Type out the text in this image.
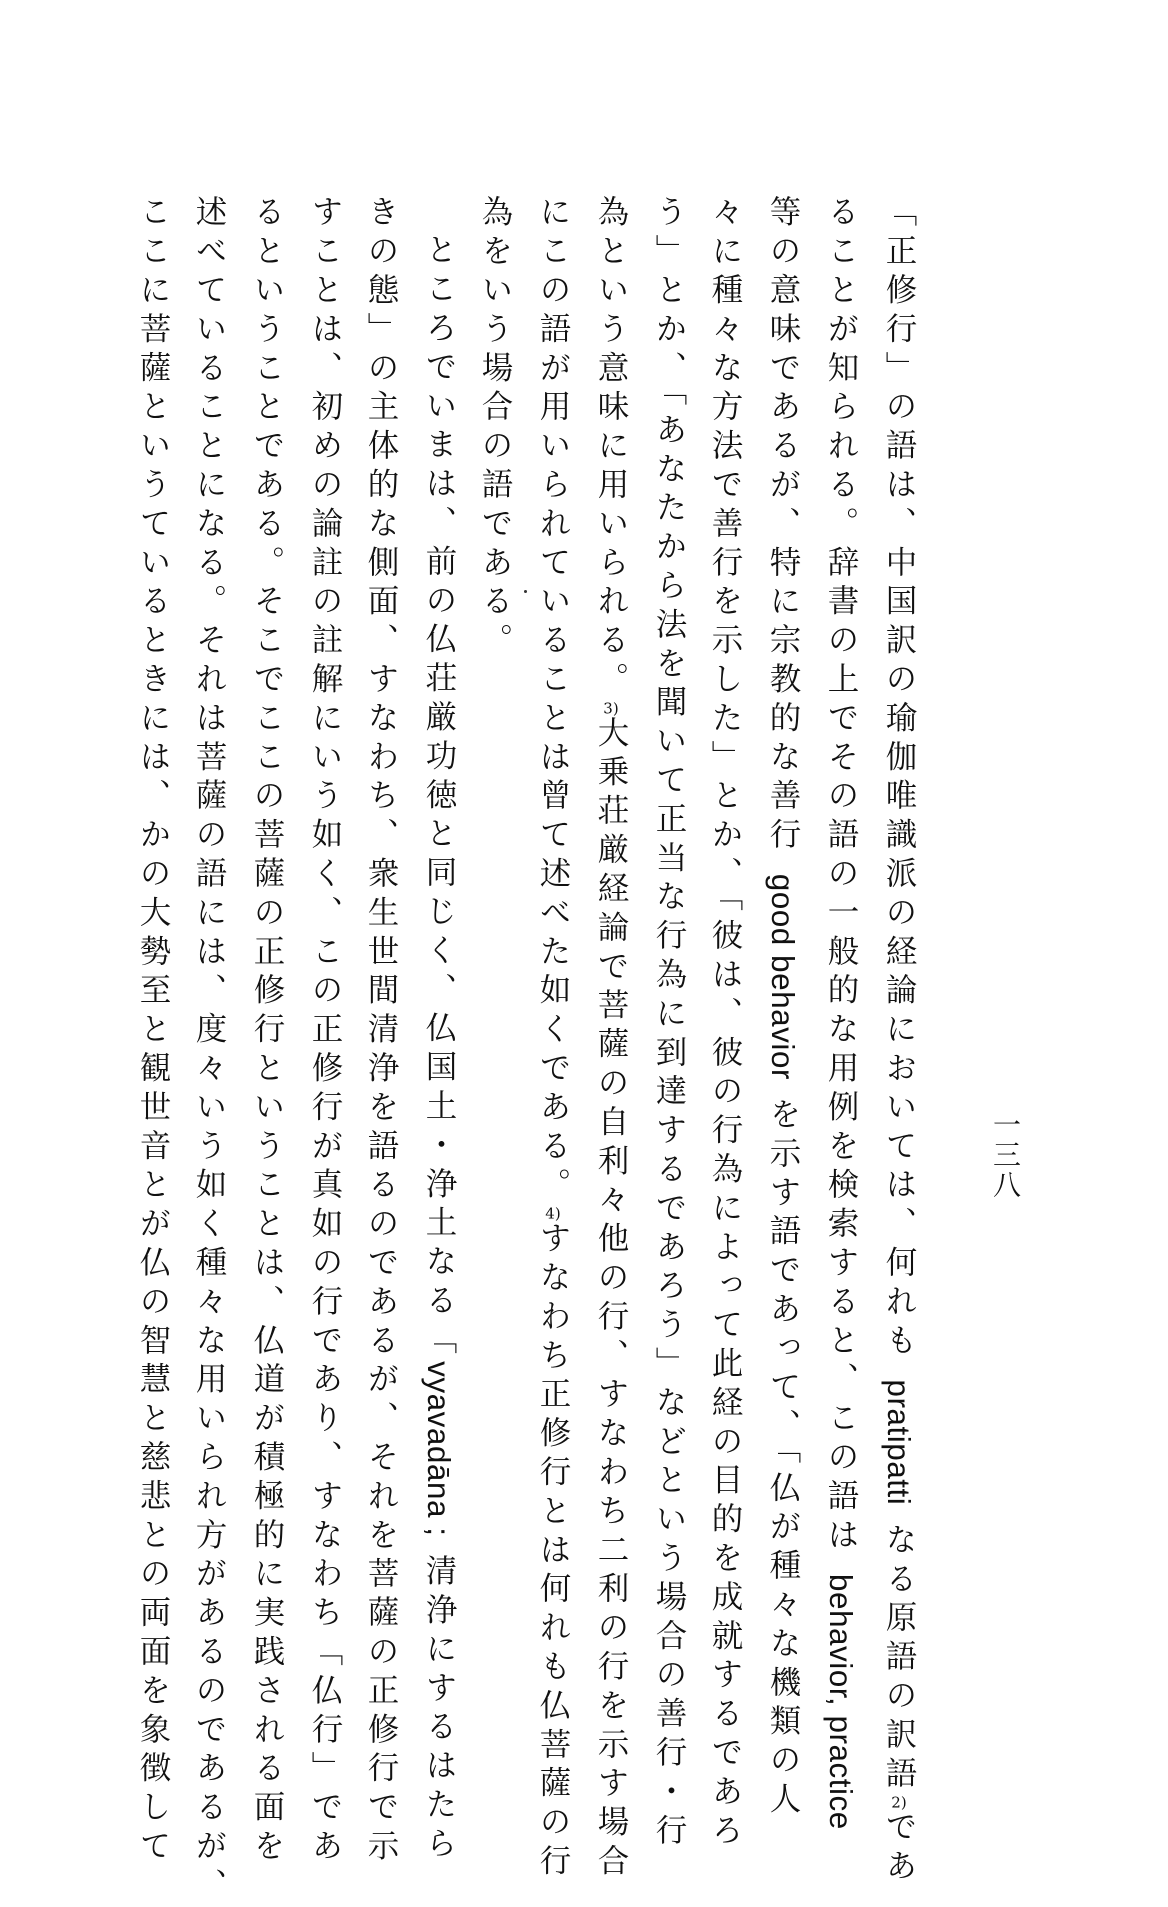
一三八
「正修行」の語は、中国訳の瑜伽唯識派の経論においては、何れも pratipatti なる原語の訳語2)であ
ることが知られる。辞書の上でその語の一般的な用例を検索すると、この語は behavior, practice
等の意味であるが、特に宗教的な善行 good behavior を示す語であって、「仏が種々な機類の人
々に種々な方法で善行を示した」とか、「彼は、彼の行為によって此経の目的を成就するであろ
う」とか、「あなたから法を聞いて正当な行為に到達するであろう」などという場合の善行・行
為という意味に用いられる。3)大乗荘厳経論で菩薩の自利々他の行、すなわち二利の行を示す場合
にこの語が用いられていることは曾て述べた如くである。4)すなわち正修行とは何れも仏菩薩の行
為をいう場合の語である。
ところでいまは、前の仏荘厳功徳と同じく、仏国土・浄土なる「vyavadāna ; 清浄にするはたら
きの態」の主体的な側面、すなわち、衆生世間清浄を語るのであるが、それを菩薩の正修行で示
すことは、初めの論註の註解にいう如く、この正修行が真如の行であり、すなわち「仏行」であ
るということである。そこでここの菩薩の正修行ということは、仏道が積極的に実践される面を
述べていることになる。それは菩薩の語には、度々いう如く種々な用いられ方があるのであるが、
ここに菩薩というているときには、かの大勢至と観世音とが仏の智慧と慈悲との両面を象徴して
